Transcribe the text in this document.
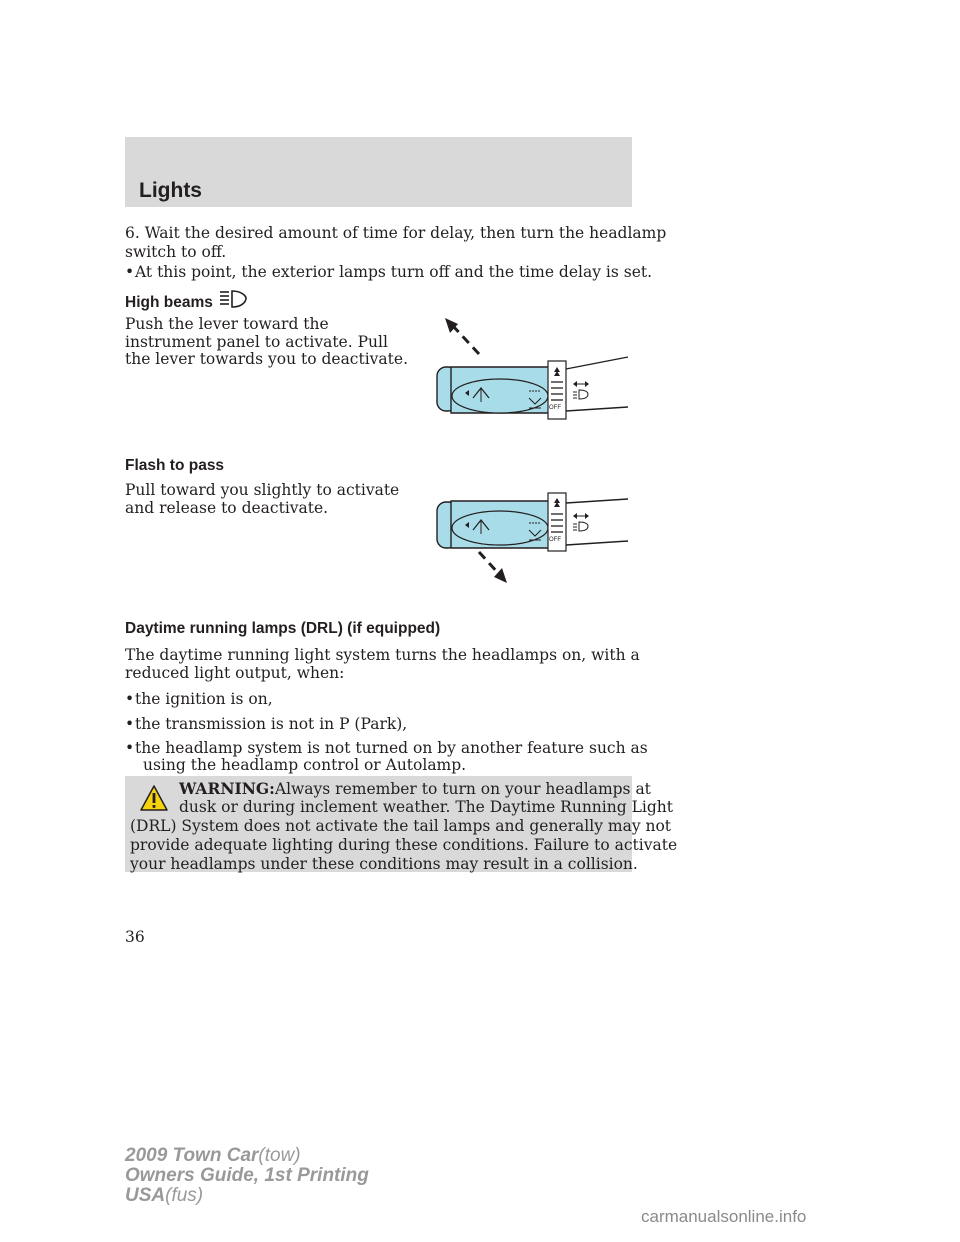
Lights
6. Wait the desired amount of time for delay, then turn the headlamp
switch to off.
•At this point, the exterior lamps turn off and the time delay is set.
High beams
Push the lever toward the
instrument panel to activate. Pull
the lever towards you to deactivate.
OFF
Flash to pass
Pull toward you slightly to activate
and release to deactivate.
OFF
Daytime running lamps (DRL) (if equipped)
The daytime running light system turns the headlamps on, with a
reduced light output, when:
•the ignition is on,
•the transmission is not in P (Park),
•the headlamp system is not turned on by another feature such as
using the headlamp control or Autolamp.
WARNING:Always remember to turn on your headlamps at
dusk or during inclement weather. The Daytime Running Light
(DRL) System does not activate the tail lamps and generally may not
provide adequate lighting during these conditions. Failure to activate
your headlamps under these conditions may result in a collision.
36
2009 Town Car(tow)
Owners Guide, 1st Printing
USA(fus)
carmanualsonline.info
